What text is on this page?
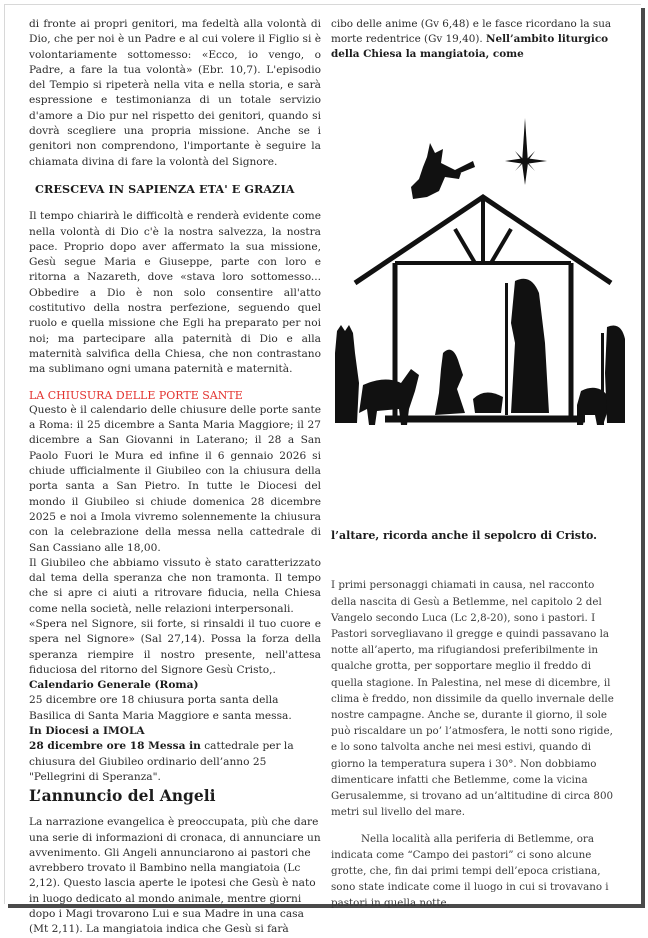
di fronte ai propri genitori, ma fedeltà alla volontà di Dio, che per noi è un Padre e al cui volere il Figlio si è volontariamente sottomesso: «Ecco, io vengo, o Padre, a fare la tua volontà» (Ebr. 10,7). L'episodio del Tempio si ripeterà nella vita e nella storia, e sarà espressione e testimonianza di un totale servizio d'amore a Dio pur nel rispetto dei genitori, quando si dovrà scegliere una propria missione. Anche se i genitori non comprendono, l'importante è seguire la chiamata divina di fare la volontà del Signore.

CRESCEVA IN SAPIENZA ETA' E GRAZIA

Il tempo chiarirà le difficoltà e renderà evidente come nella volontà di Dio c'è la nostra salvezza, la nostra pace. Proprio dopo aver affermato la sua missione, Gesù segue Maria e Giuseppe, parte con loro e ritorna a Nazareth, dove «stava loro sottomesso... Obbedire a Dio è non solo consentire all'atto costitutivo della nostra perfezione, seguendo quel ruolo e quella missione che Egli ha preparato per noi noi; ma partecipare alla paternità di Dio e alla maternità salvifica della Chiesa, che non contrastano ma sublimano ogni umana paternità e maternità.

LA CHIUSURA DELLE PORTE SANTE

Questo è il calendario delle chiusure delle porte sante a Roma: il 25 dicembre a Santa Maria Maggiore; il 27 dicembre a San Giovanni in Laterano; il 28 a San Paolo Fuori le Mura ed infine il 6 gennaio 2026 si chiude ufficialmente il Giubileo con la chiusura della porta santa a San Pietro. In tutte le Diocesi del mondo il Giubileo si chiude domenica 28 dicembre 2025 e noi a Imola vivremo solennemente la chiusura con la celebrazione della messa nella cattedrale di San Cassiano alle 18,00.

Il Giubileo che abbiamo vissuto è stato caratterizzato dal tema della speranza che non tramonta. Il tempo che si apre ci aiuti a ritrovare fiducia, nella Chiesa come nella società, nelle relazioni interpersonali.

«Spera nel Signore, sii forte, si rinsaldi il tuo cuore e spera nel Signore» (Sal 27,14). Possa la forza della speranza riempire il nostro presente, nell'attesa fiduciosa del ritorno del Signore Gesù Cristo,.

Calendario Generale (Roma)

25 dicembre ore 18 chiusura porta santa della Basilica di Santa Maria Maggiore e santa messa.

In Diocesi a IMOLA

28 dicembre ore 18 Messa in cattedrale per la chiusura del Giubileo ordinario dell’anno 25 "Pellegrini di Speranza".

L’annuncio del Angeli

La narrazione evangelica è preoccupata, più che dare una serie di informazioni di cronaca, di annunciare un avvenimento. Gli Angeli annunciarono ai pastori che avrebbero trovato il Bambino nella mangiatoia (Lc 2,12). Questo lascia aperte le ipotesi che Gesù è nato in luogo dedicato al mondo animale, mentre giorni dopo i Magi trovarono Lui e sua Madre in una casa (Mt 2,11). La mangiatoia indica che Gesù si farà

cibo delle anime (Gv 6,48) e le fasce ricordano la sua morte redentrice (Gv 19,40). Nell’ambito liturgico della Chiesa la mangiatoia, come

l’altare, ricorda anche il sepolcro di Cristo.

I primi personaggi chiamati in causa, nel racconto della nascita di Gesù a Betlemme, nel capitolo 2 del Vangelo secondo Luca (Lc 2,8-20), sono i pastori. I Pastori sorvegliavano il gregge e quindi passavano la notte all’aperto, ma rifugiandosi preferibilmente in qualche grotta, per sopportare meglio il freddo di quella stagione. In Palestina, nel mese di dicembre, il clima è freddo, non dissimile da quello invernale delle nostre campagne. Anche se, durante il giorno, il sole può riscaldare un po’ l’atmosfera, le notti sono rigide, e lo sono talvolta anche nei mesi estivi, quando di giorno la temperatura supera i 30°. Non dobbiamo dimenticare infatti che Betlemme, come la vicina Gerusalemme, si trovano ad un’altitudine di circa 800 metri sul livello del mare.

Nella località alla periferia di Betlemme, ora indicata come “Campo dei pastori” ci sono alcune grotte, che, fin dai primi tempi dell’epoca cristiana, sono state indicate come il luogo in cui si trovavano i pastori in quella notte.
